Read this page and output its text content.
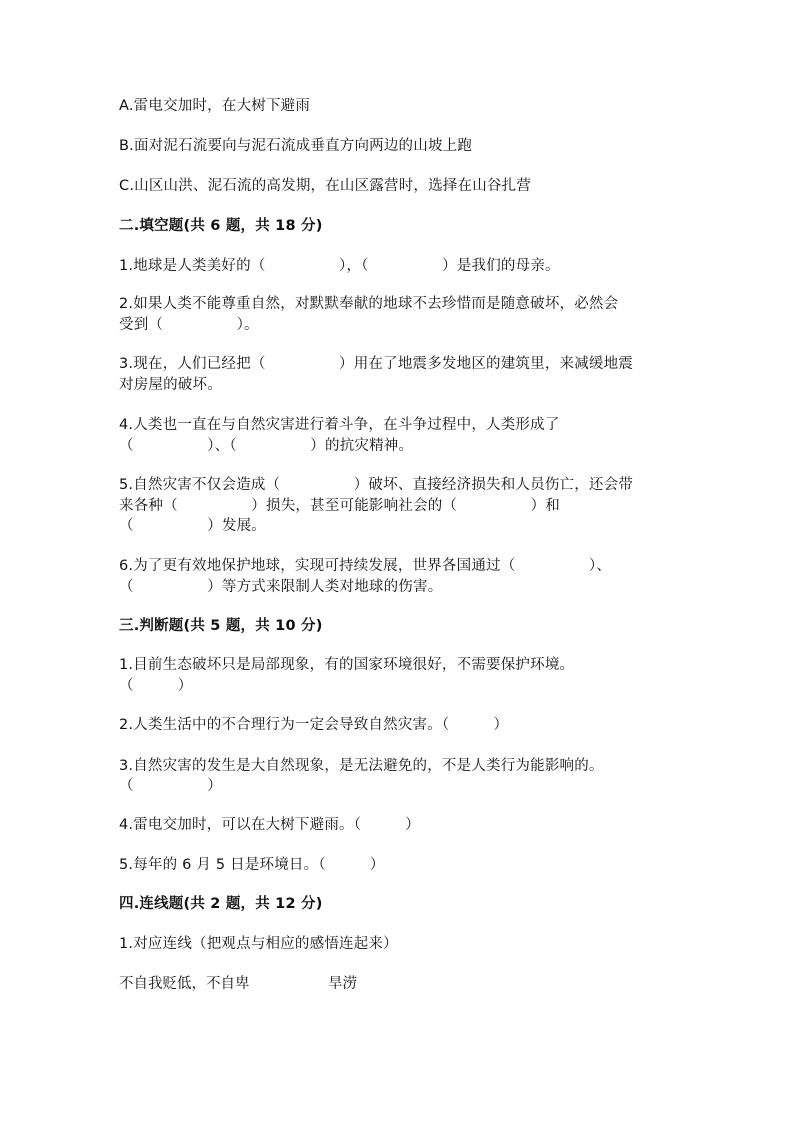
A.雷电交加时，在大树下避雨
B.面对泥石流要向与泥石流成垂直方向两边的山坡上跑
C.山区山洪、泥石流的高发期，在山区露营时，选择在山谷扎营
二.填空题(共 6 题，共 18 分)
1.地球是人类美好的（　　　　　），（　　　　　）是我们的母亲。
2.如果人类不能尊重自然，对默默奉献的地球不去珍惜而是随意破坏，必然会
受到（　　　　　）。
3.现在，人们已经把（　　　　　）用在了地震多发地区的建筑里，来减缓地震
对房屋的破坏。
4.人类也一直在与自然灾害进行着斗争，在斗争过程中，人类形成了
（　　　　　）、（　　　　　）的抗灾精神。
5.自然灾害不仅会造成（　　　　　）破坏、直接经济损失和人员伤亡，还会带
来各种（　　　　　）损失，甚至可能影响社会的（　　　　　）和
（　　　　　）发展。
6.为了更有效地保护地球，实现可持续发展，世界各国通过（　　　　　）、
（　　　　　）等方式来限制人类对地球的伤害。
三.判断题(共 5 题，共 10 分)
1.目前生态破坏只是局部现象，有的国家环境很好，不需要保护环境。
（　　　）
2.人类生活中的不合理行为一定会导致自然灾害。（　　　）
3.自然灾害的发生是大自然现象，是无法避免的，不是人类行为能影响的。
（　　　　　）
4.雷电交加时，可以在大树下避雨。（　　　）
5.每年的 6 月 5 日是环境日。（　　　）
四.连线题(共 2 题，共 12 分)
1.对应连线（把观点与相应的感悟连起来）
不自我贬低，不自卑	旱涝
